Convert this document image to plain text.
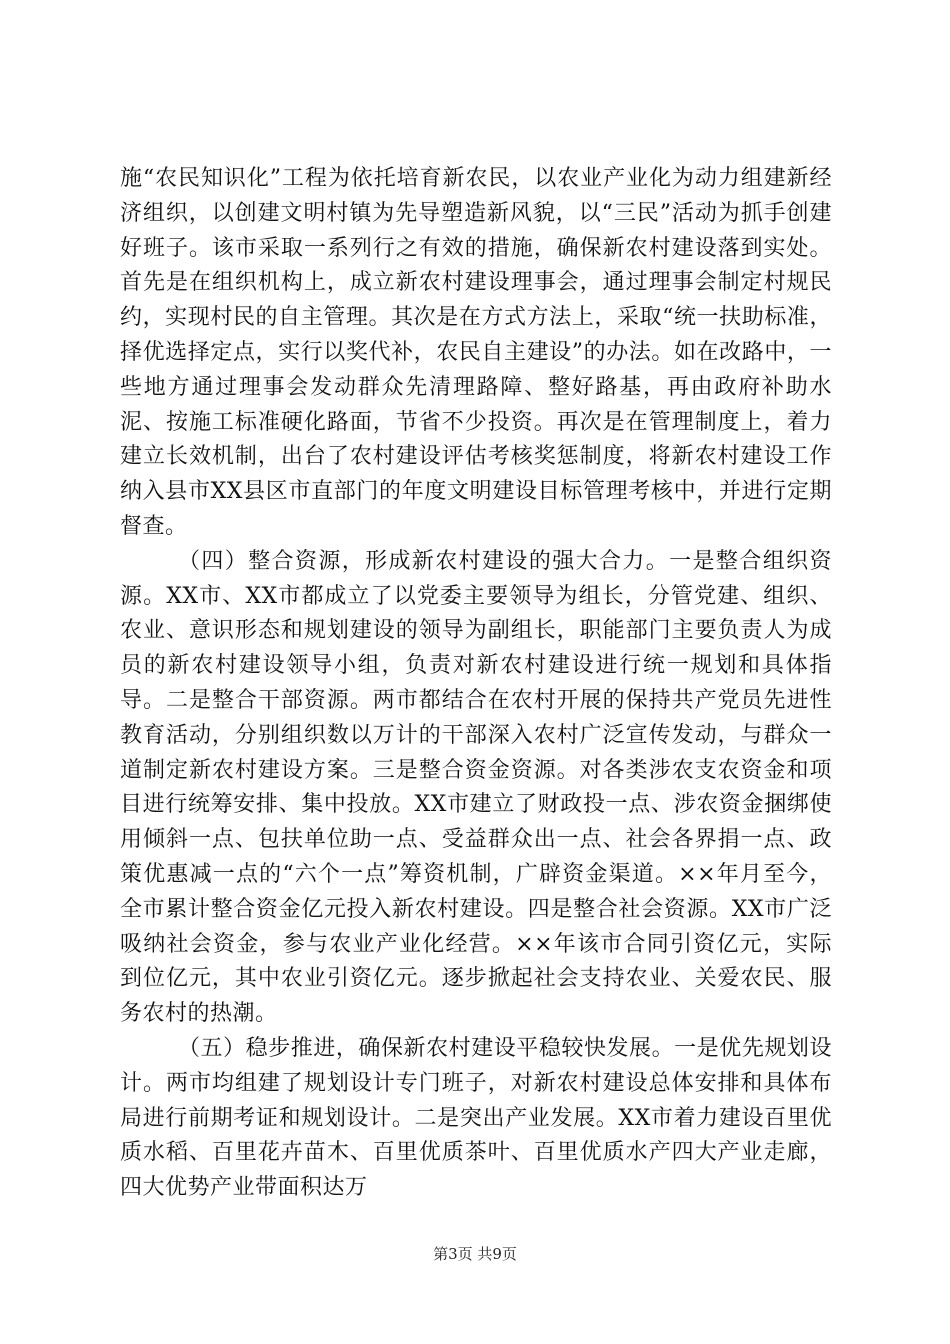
施“农民知识化”工程为依托培育新农民，以农业产业化为动力组建新经济组织，以创建文明村镇为先导塑造新风貌，以“三民”活动为抓手创建好班子。该市采取一系列行之有效的措施，确保新农村建设落到实处。首先是在组织机构上，成立新农村建设理事会，通过理事会制定村规民约，实现村民的自主管理。其次是在方式方法上，采取“统一扶助标准，择优选择定点，实行以奖代补，农民自主建设”的办法。如在改路中，一些地方通过理事会发动群众先清理路障、整好路基，再由政府补助水泥、按施工标准硬化路面，节省不少投资。再次是在管理制度上，着力建立长效机制，出台了农村建设评估考核奖惩制度，将新农村建设工作纳入县市XX县区市直部门的年度文明建设目标管理考核中，并进行定期督查。

（四）整合资源，形成新农村建设的强大合力。一是整合组织资源。XX市、XX市都成立了以党委主要领导为组长，分管党建、组织、农业、意识形态和规划建设的领导为副组长，职能部门主要负责人为成员的新农村建设领导小组，负责对新农村建设进行统一规划和具体指导。二是整合干部资源。两市都结合在农村开展的保持共产党员先进性教育活动，分别组织数以万计的干部深入农村广泛宣传发动，与群众一道制定新农村建设方案。三是整合资金资源。对各类涉农支农资金和项目进行统筹安排、集中投放。XX市建立了财政投一点、涉农资金捆绑使用倾斜一点、包扶单位助一点、受益群众出一点、社会各界捐一点、政策优惠减一点的“六个一点”筹资机制，广辟资金渠道。××年月至今，全市累计整合资金亿元投入新农村建设。四是整合社会资源。XX市广泛吸纳社会资金，参与农业产业化经营。××年该市合同引资亿元，实际到位亿元，其中农业引资亿元。逐步掀起社会支持农业、关爱农民、服务农村的热潮。

（五）稳步推进，确保新农村建设平稳较快发展。一是优先规划设计。两市均组建了规划设计专门班子，对新农村建设总体安排和具体布局进行前期考证和规划设计。二是突出产业发展。XX市着力建设百里优质水稻、百里花卉苗木、百里优质茶叶、百里优质水产四大产业走廊，四大优势产业带面积达万

第3页 共9页
